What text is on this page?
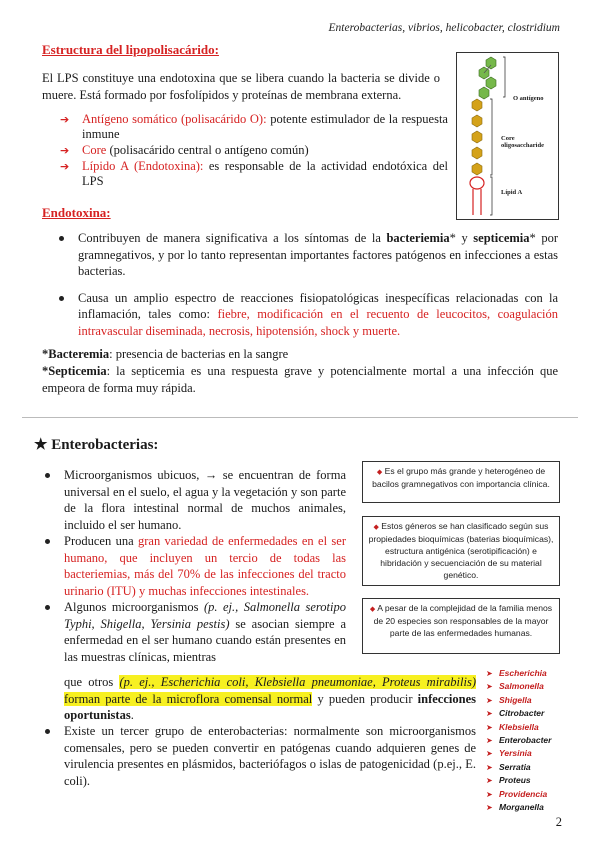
Enterobacterias, vibrios, helicobacter, clostridium
Estructura del lipopolisacárido:
El LPS constituye una endotoxina que se libera cuando la bacteria se divide o muere. Está formado por fosfolípidos y proteínas de membrana externa.
➔ Antígeno somático (polisacárido O): potente estimulador de la respuesta inmune
➔ Core (polisacárido central o antígeno común)
➔ Lípido A (Endotoxina): es responsable de la actividad endotóxica del LPS
O antígeno
Core oligosaccharide
Lípid A
Endotoxina:
Contribuyen de manera significativa a los síntomas de la bacteriemia* y septicemia* por gramnegativos, y por lo tanto representan importantes factores patógenos en infecciones a estas bacterias.
Causa un amplio espectro de reacciones fisiopatológicas inespecíficas relacionadas con la inflamación, tales como: fiebre, modificación en el recuento de leucocitos, coagulación intravascular diseminada, necrosis, hipotensión, shock y muerte.
*Bacteremia: presencia de bacterias en la sangre
*Septicemia: la septicemia es una respuesta grave y potencialmente mortal a una infección que empeora de forma muy rápida.
★ Enterobacterias:
Microorganismos ubicuos, → se encuentran de forma universal en el suelo, el agua y la vegetación y son parte de la flora intestinal normal de muchos animales, incluido el ser humano.
Producen una gran variedad de enfermedades en el ser humano, que incluyen un tercio de todas las bacteriemias, más del 70% de las infecciones del tracto urinario (ITU) y muchas infecciones intestinales.
Algunos microorganismos (p. ej., Salmonella serotipo Typhi, Shigella, Yersinia pestis) se asocian siempre a enfermedad en el ser humano cuando están presentes en las muestras clínicas, mientras
que otros (p. ej., Escherichia coli, Klebsiella pneumoniae, Proteus mirabilis) forman parte de la microflora comensal normal y pueden producir infecciones oportunistas.
Existe un tercer grupo de enterobacterias: normalmente son microorganismos comensales, pero se pueden convertir en patógenas cuando adquieren genes de virulencia presentes en plásmidos, bacteriófagos o islas de patogenicidad (p.ej., E. coli).
◆ Es el grupo más grande y heterogéneo de bacilos gramnegativos con importancia clínica.
◆ Estos géneros se han clasificado según sus propiedades bioquímicas (baterias bioquímicas), estructura antigénica (serotipificación) e hibridación y secuenciación de su material genético.
◆ A pesar de la complejidad de la familia menos de 20 especies son responsables de la mayor parte de las enfermedades humanas.
➤ Escherichia
➤ Salmonella
➤ Shigella
➤ Citrobacter
➤ Klebsiella
➤ Enterobacter
➤ Yersinia
➤ Serratia
➤ Proteus
➤ Providencia
➤ Morganella
2
